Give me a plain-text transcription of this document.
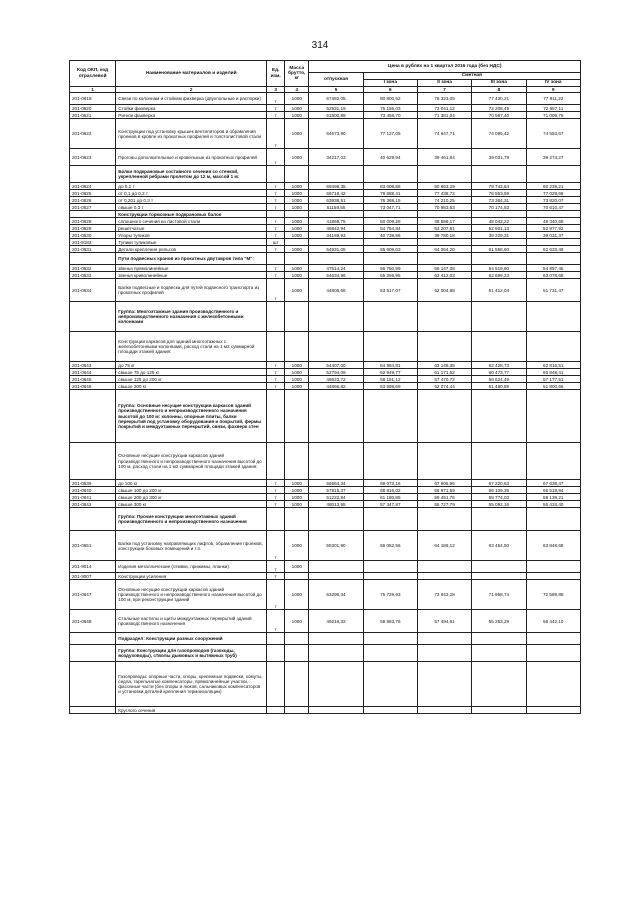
314
Код ОКП, код отраслевой	Наименование материалов и изделий	Ед. изм.	Масса брутто, кг	Цена в рублях на 1 квартал 2016 года (без НДС)				
				отпускная	Сметная			
					I зона	II зона	III зона	IV зона
1	2	3	4	5	6	7	8	9
201-0619	Связи по колоннам и стойкам фахверка (двухпольные и распорки)	т	1000	67482,05	80 800,52	78 323,05	77 430,21	77 911,22
201-0620	Стойки фахверка	т	1000	62931,19	75 155,03	73 041,12	72 208,49	72 657,11
201-0621	Ригели фахверка	т	1000	61500,89	73 458,70	71 381,04	70 567,40	71 005,75
201-0622	Конструкции под установку крышек вентиляторов и обрамления проемов в кровле из прокатных профилей и толстолистовой стали	т	1000	64673,90	77 127,05	74 647,71	74 095,42	74 553,67
201-0623	Прогоны дополнительные и кровельные из прокатных профилей	т	1000	34217,03	40 629,94	39 461,84	39 031,79	39 274,27
	Балки подкрановые составного сечения со стенкой, укрепленной ребрами пролетом до 12 м, массой 1 м:							
201-0624	до 0,1 т	т	1000	69498,35	83 008,86	80 663,29	79 743,64	80 239,21
201-0625	от 0,1 до 0,2 т	т	1000	66718,42	79 688,41	77 438,72	76 553,59	77 029,68
201-0626	от 0,201 до 0,3 т	т	1000	63938,51	76 368,15	74 210,25	73 364,31	73 820,07
201-0627	свыше 0,3 т	т	1000	61158,55	73 047,71	70 983,63	70 174,53	70 610,47
	Конструкции тормозные подкрановых балок							
201-0628	сплошного сечения из листовой стали	т	1000	41869,75	50 009,28	48 596,17	48 042,22	48 340,68
201-0629	решетчатые	т	1000	45842,94	54 754,84	53 207,61	52 601,13	52 977,92
201-0630	Упоры тупиков	т	1000	34169,93	40 739,86	39 780,18	39 229,31	39 031,37
201-9183	Тупики тупиковые	шт						
201-0631	Детали крепления рельсов	т	1000	54931,05	65 609,63	64 064,20	61 556,60	62 633,49
	Пути подвесных кранов из прокатных двутавров типа "М":							
201-0632	звенья прямолинейные	т	1000	47514,24	56 750,99	55 147,38	54 519,80	54 857,45
201-0633	звенья криволинейные	т	1000	54634,96	65 255,95	63 412,03	62 689,23	63 078,68
201-0634	Балки подвесные и подвески для путей подвесного транспорта из прокатных профилей	т	1000	44806,66	53 517,07	52 004,88	51 412,04	51 731,47
	Группа: Многоэтажные здания производственного и непроизводственного назначения с железобетонными колоннами							
	Конструкции каркасов для зданий многоэтажных с железобетонными колоннами, расход стали на 1 м2 суммарной площади этажей здания:							
201-0643	до 75 кг	т	1000	54407,00	64 984,81	63 148,35	62 428,73	62 816,51
201-0644	свыше 75 до 125 кг	т	1000	52794,09	62 949,77	61 171,52	60 473,77	60 848,41
201-0645	свыше 125 до 200 кг	т	1000	48623,72	58 151,12	57 470,72	56 624,49	57 177,51
201-0646	свыше 200 кг	т	1000	44866,82	53 598,69	52 074,44	51 480,89	51 800,66
	Группа: Основные несущие конструкции каркасов зданий производственного и непроизводственного назначения высотой до 100 м: колонны, опорные плиты, балки перекрытий под установку оборудования и покрытий, фермы покрытий и междуэтажных перекрытий, связи, фахверк стен							
	Основные несущие конструкции каркасов зданий производственного и непроизводственного назначения высотой до 100 м, расход стали на 1 м2 суммарной площади этажей здания:							
201-0639	до 100 кг	т	1000	56564,34	69 073,16	67 905,96	67 220,63	67 638,47
201-0640	свыше 100 до 200 кг	т	1000	57815,37	68 816,02	66 971,59	66 109,35	66 519,94
201-0641	свыше 200 до 300 кг	т	1000	51222,84	61 180,85	59 451,76	58 774,03	59 139,21
201-0642	свыше 300 кг	т	1000	48013,95	57 347,87	55 727,79	55 092,16	55 434,40
	Группа: Прочие конструкции многоэтажных зданий производственного и непроизводственного назначения							
201-0651	Балки под установку направляющих лифтов, обрамление проемов, конструкции боковых помещений и т.п.	т	1000	55301,90	66 052,56	64 186,12	63 454,50	63 848,68
201-9014	Изделия металлические (отмвки, прижимы, планки)	т	1000					
201-9007	Конструкции усиления	т						
201-0647	Основные несущие конструкции каркасов зданий производственного и непроизводственного назначения высотой до 100 м, при реконструкции зданий	т	1000	63296,34	75 729,93	73 943,28	71 958,74	72 589,88
201-0648	Стальные настилы и щиты междуэтажных перекрытий зданий производственного назначения	т	1000	49216,32	58 883,76	57 494,61	55 253,29	56 442,10
	Подраздел: Конструкции разных сооружений							
	Группа: Конструкции для газопроводов (газоходы, воздуховоды), стволы дымовых и вытяжных труб)							
	Газопроводы: опорные части, опоры, крепежные подвески, хомуты, седла, тарельчатые компенсаторы, прямолинейные участки, фасонные части (без опоры и люков, сальниковых компенсаторов и установки деталей крепления термоизоляции)							
	Круглого сечения							
